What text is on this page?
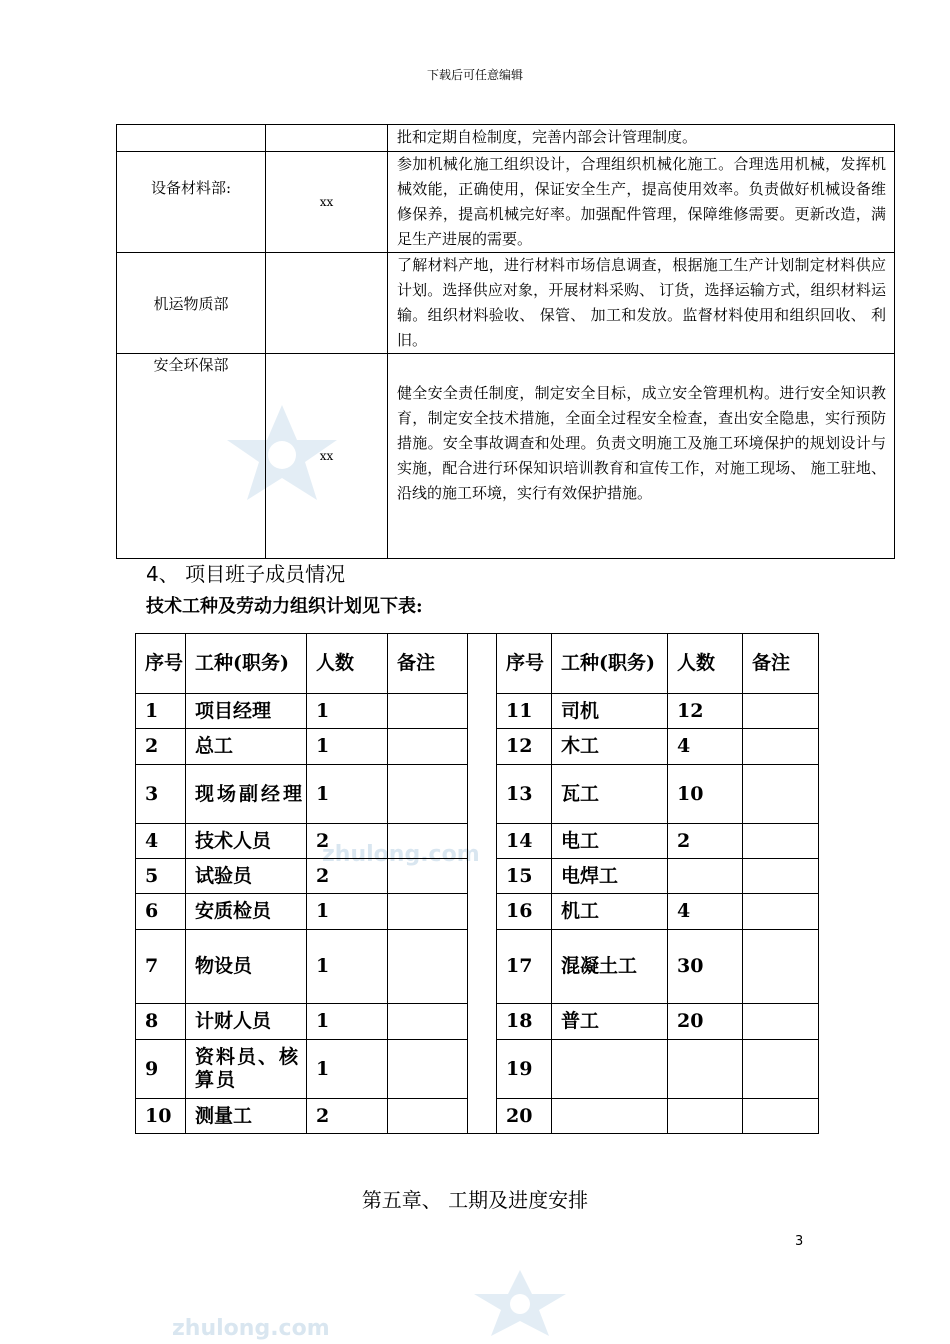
zhulong.com
zhulong.com
下载后可任意编辑
		批和定期自检制度，完善内部会计管理制度。
设备材料部:	xx	参加机械化施工组织设计，合理组织机械化施工。合理选用机械，发挥机械效能，正确使用，保证安全生产，提高使用效率。负责做好机械设备维修保养，提高机械完好率。加强配件管理，保障维修需要。更新改造，满足生产进展的需要。
机运物质部		了解材料产地，进行材料市场信息调查，根据施工生产计划制定材料供应计划。选择供应对象，开展材料采购、 订货，选择运输方式，组织材料运输。组织材料验收、 保管、 加工和发放。监督材料使用和组织回收、 利旧。
安全环保部	xx	健全安全责任制度，制定安全目标，成立安全管理机构。进行安全知识教育，制定安全技术措施，全面全过程安全检查，查出安全隐患，实行预防措施。安全事故调查和处理。负责文明施工及施工环境保护的规划设计与实施，配合进行环保知识培训教育和宣传工作，对施工现场、 施工驻地、 沿线的施工环境，实行有效保护措施。
4、 项目班子成员情况
技术工种及劳动力组织计划见下表:
序号	工种(职务)	人数	备注		序号	工种(职务)	人数	备注
1	项目经理	1			11	司机	12	
2	总工	1			12	木工	4	
3	现场副经理	1			13	瓦工	10	
4	技术人员	2			14	电工	2	
5	试验员	2			15	电焊工		
6	安质检员	1			16	机工	4	
7	物设员	1			17	混凝土工	30	
8	计财人员	1			18	普工	20	
9	资料员、核算员	1			19			
10	测量工	2			20			
第五章、 工期及进度安排
3
